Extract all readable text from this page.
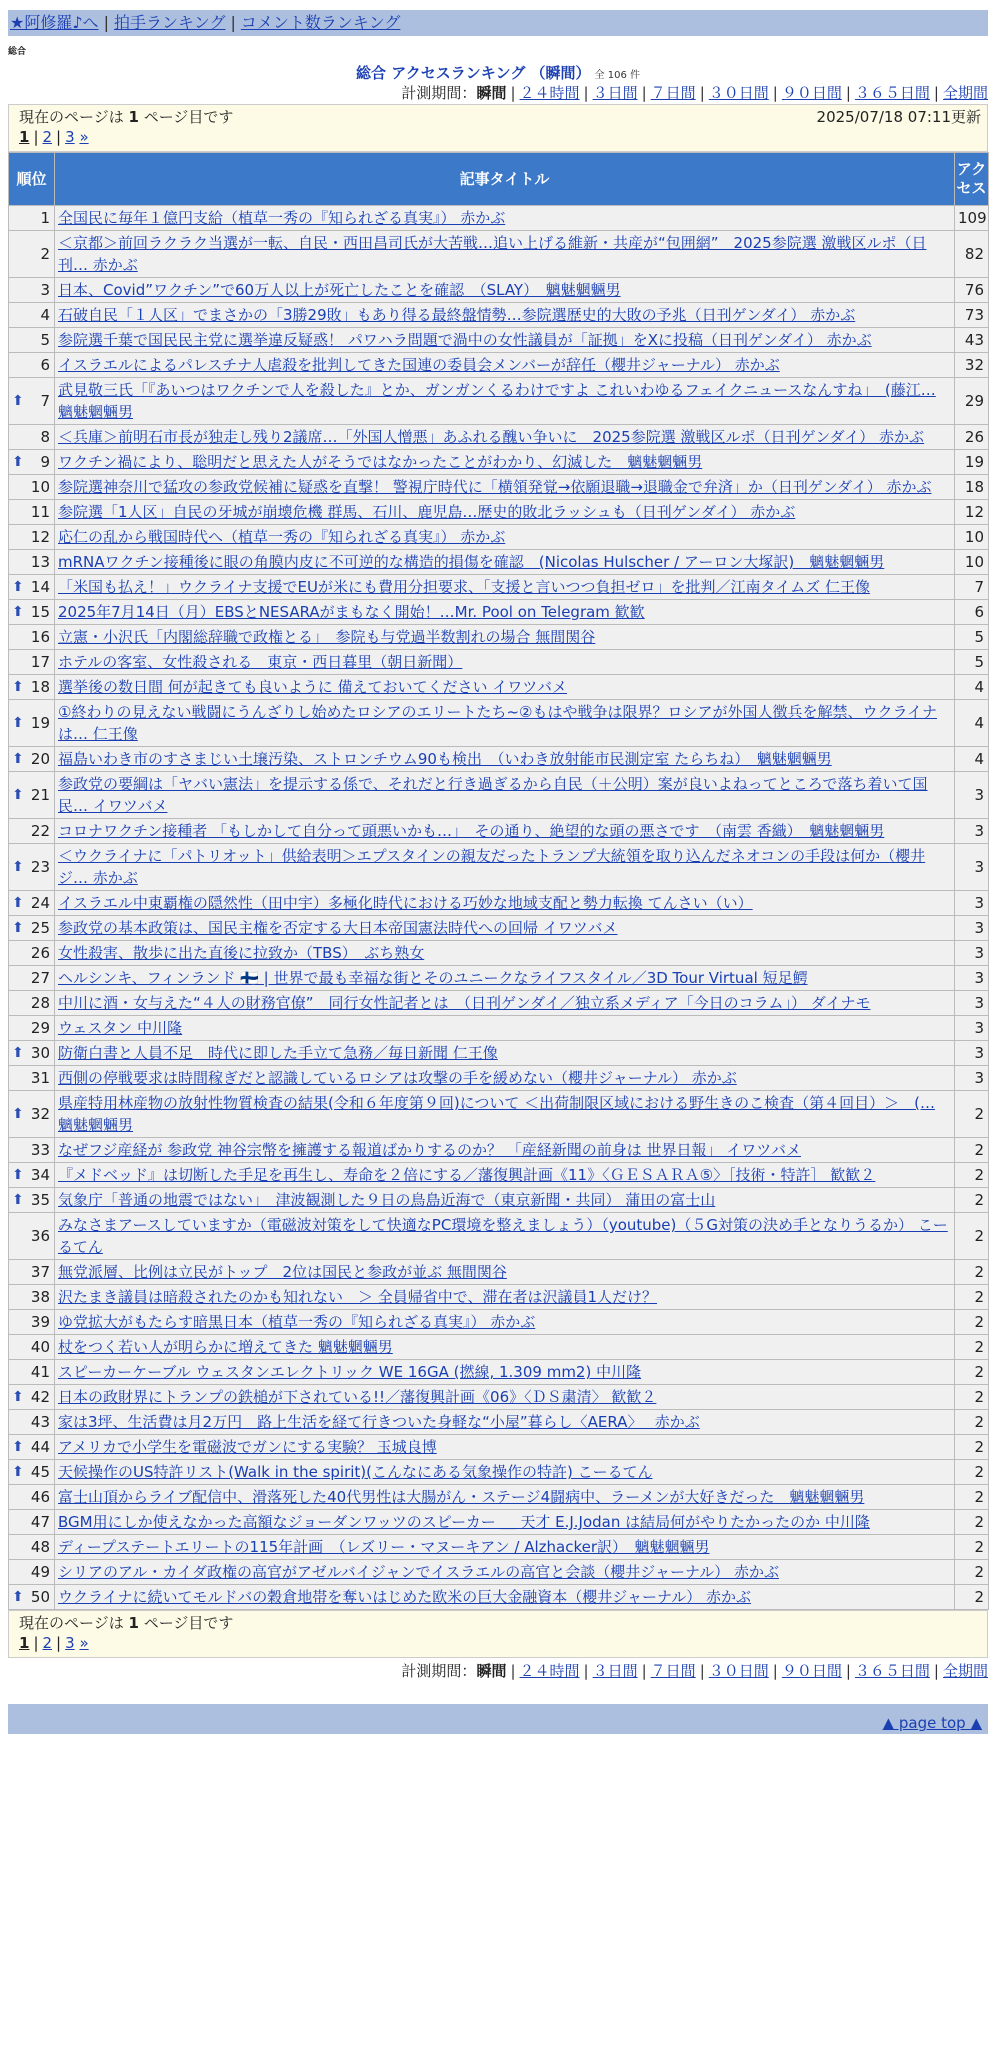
★阿修羅♪へ | 拍手ランキング | コメント数ランキング
総合
総合 アクセスランキング （瞬間） 全 106 件
計測期間：瞬間 | ２４時間 | ３日間 | ７日間 | ３０日間 | ９０日間 | ３６５日間 | 全期間
現在のページは 1 ページ目です	2025/07/18 07:11更新
1 | 2 | 3 »
順位	記事タイトル	アクセス
1	全国民に毎年１億円支給（植草一秀の『知られざる真実』） 赤かぶ	109
2	＜京都＞前回ラクラク当選が一転、自民・西田昌司氏が大苦戦…追い上げる維新・共産が“包囲網”　2025参院選 激戦区ルポ（日刊… 赤かぶ	82
3	日本、Covid”ワクチン”で60万人以上が死亡したことを確認　（SLAY）　魑魅魍魎男	76
4	石破自民「１人区」でまさかの「3勝29敗」もあり得る最終盤情勢…参院選歴史的大敗の予兆（日刊ゲンダイ） 赤かぶ	73
5	参院選千葉で国民民主党に選挙違反疑惑！ パワハラ問題で渦中の女性議員が「証拠」をXに投稿（日刊ゲンダイ） 赤かぶ	43
6	イスラエルによるパレスチナ人虐殺を批判してきた国連の委員会メンバーが辞任（櫻井ジャーナル） 赤かぶ	32

⬆ 7	武見敬三氏「『あいつはワクチンで人を殺した』とか、ガンガンくるわけですよ これいわゆるフェイクニュースなんすね」　(藤江… 魑魅魍魎男	29
8	＜兵庫＞前明石市長が独走し残り2議席…「外国人憎悪」あふれる醜い争いに　2025参院選 激戦区ルポ（日刊ゲンダイ） 赤かぶ	26

⬆ 9	ワクチン禍により、聡明だと思えた人がそうではなかったことがわかり、幻滅した　魑魅魍魎男	19
10	参院選神奈川で猛攻の参政党候補に疑惑を直撃！ 警視庁時代に「横領発覚→依願退職→退職金で弁済」か（日刊ゲンダイ） 赤かぶ	18
11	参院選「1人区」自民の牙城が崩壊危機 群馬、石川、鹿児島…歴史的敗北ラッシュも（日刊ゲンダイ） 赤かぶ	12
12	応仁の乱から戦国時代へ（植草一秀の『知られざる真実』） 赤かぶ	10
13	mRNAワクチン接種後に眼の角膜内皮に不可逆的な構造的損傷を確認　(Nicolas Hulscher / アーロン大塚訳)　魑魅魍魎男	10

⬆ 14	「米国も払え！」ウクライナ支援でEUが米にも費用分担要求、「支援と言いつつ負担ゼロ」を批判／江南タイムズ 仁王像	7

⬆ 15	2025年7月14日（月）EBSとNESARAがまもなく開始！…Mr. Pool on Telegram 歓歓	6
16	立憲・小沢氏「内閣総辞職で政権とる」　参院も与党過半数割れの場合 無間関谷	5
17	ホテルの客室、女性殺される　東京・西日暮里（朝日新聞）	5

⬆ 18	選挙後の数日間 何が起きても良いように 備えておいてください イワツバメ	4

⬆ 19	①終わりの見えない戦闘にうんざりし始めたロシアのエリートたち~②もはや戦争は限界？ロシアが外国人徴兵を解禁、ウクライナは… 仁王像	4

⬆ 20	福島いわき市のすさまじい土壌汚染、ストロンチウム90も検出　（いわき放射能市民測定室 たらちね）　魑魅魍魎男	4

⬆ 21	参政党の要綱は「ヤバい憲法」を提示する係で、それだと行き過ぎるから自民（＋公明）案が良いよねってところで落ち着いて国民… イワツバメ	3
22	コロナワクチン接種者 「もしかして自分って頭悪いかも…」　その通り、絶望的な頭の悪さです　（南雲 香織）　魑魅魍魎男	3

⬆ 23	＜ウクライナに「パトリオット」供給表明＞エプスタインの親友だったトランプ大統領を取り込んだネオコンの手段は何か（櫻井ジ… 赤かぶ	3

⬆ 24	イスラエル中東覇権の隠然性（田中宇）多極化時代における巧妙な地域支配と勢力転換 てんさい（い）	3

⬆ 25	参政党の基本政策は、国民主権を否定する大日本帝国憲法時代への回帰 イワツバメ	3
26	女性殺害、散歩に出た直後に拉致か（TBS）　ぶち熟女	3
27	ヘルシンキ、フィンランド 🇫🇮 | 世界で最も幸福な街とそのユニークなライフスタイル／3D Tour Virtual 短足鰐	3
28	中川に酒・女与えた“４人の財務官僚”　同行女性記者とは　（日刊ゲンダイ／独立系メディア「今日のコラム」） ダイナモ	3
29	ウェスタン 中川隆	3

⬆ 30	防衛白書と人員不足　時代に即した手立て急務／毎日新聞 仁王像	3
31	西側の停戦要求は時間稼ぎだと認識しているロシアは攻撃の手を緩めない（櫻井ジャーナル） 赤かぶ	3

⬆ 32	県産特用林産物の放射性物質検査の結果(令和６年度第９回)について ＜出荷制限区域における野生きのこ検査（第４回目）＞　(… 魑魅魍魎男	2
33	なぜフジ産経が 参政党 神谷宗幣を擁護する報道ばかりするのか？ 「産経新聞の前身は 世界日報」 イワツバメ	2

⬆ 34	『メドベッド』は切断した手足を再生し、寿命を２倍にする／藩復興計画《11》〈ＧＥＳＡＲＡ⑤〉［技術・特許］ 歓歓２	2

⬆ 35	気象庁「普通の地震ではない」　津波観測した９日の鳥島近海で（東京新聞・共同） 蒲田の富士山	2
36	みなさまアースしていますか（電磁波対策をして快適なPC環境を整えましょう）（youtube)（５G対策の決め手となりうるか） こーるてん	2
37	無党派層、比例は立民がトップ　2位は国民と参政が並ぶ 無間関谷	2
38	沢たまき議員は暗殺されたのかも知れない　＞ 全員帰省中で、滞在者は沢議員1人だけ？	2
39	ゆ党拡大がもたらす暗黒日本（植草一秀の『知られざる真実』） 赤かぶ	2
40	杖をつく若い人が明らかに増えてきた 魑魅魍魎男	2
41	スピーカーケーブル ウェスタンエレクトリック WE 16GA (撚線, 1.309 mm2) 中川隆	2

⬆ 42	日本の政財界にトランプの鉄槌が下されている!!／藩復興計画《06》〈ＤＳ粛清〉 歓歓２	2
43	家は3坪、生活費は月2万円　路上生活を経て行きついた身軽な“小屋”暮らし〈AERA〉　 赤かぶ	2

⬆ 44	アメリカで小学生を電磁波でガンにする実験？ 玉城良博	2

⬆ 45	天候操作のUS特許リスト(Walk in the spirit)(こんなにある気象操作の特許) こーるてん	2
46	富士山頂からライブ配信中、滑落死した40代男性は大腸がん・ステージ4闘病中、ラーメンが大好きだった　魑魅魍魎男	2
47	BGM用にしか使えなかった高額なジョーダンワッツのスピーカー ＿ 天才 E.J.Jodan は結局何がやりたかったのか 中川隆	2
48	ディープステートエリートの115年計画　（レズリー・マヌーキアン / Alzhacker訳）　魑魅魍魎男	2
49	シリアのアル・カイダ政権の高官がアゼルバイジャンでイスラエルの高官と会談（櫻井ジャーナル） 赤かぶ	2

⬆ 50	ウクライナに続いてモルドバの穀倉地帯を奪いはじめた欧米の巨大金融資本（櫻井ジャーナル） 赤かぶ	2
現在のページは 1 ページ目です
1 | 2 | 3 »
計測期間：瞬間 | ２４時間 | ３日間 | ７日間 | ３０日間 | ９０日間 | ３６５日間 | 全期間
▲ page top ▲
